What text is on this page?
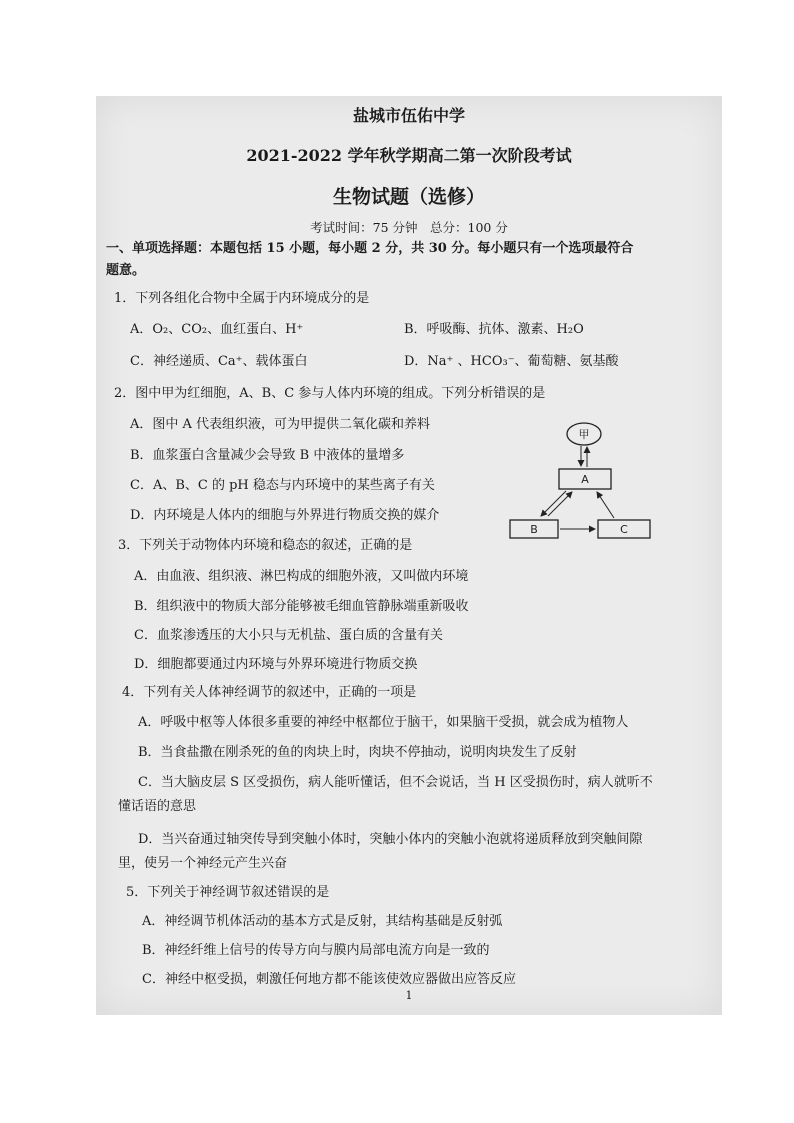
盐城市伍佑中学
2021-2022 学年秋学期高二第一次阶段考试
生物试题（选修）
考试时间：75 分钟　总分：100 分
一、单项选择题：本题包括 15 小题，每小题 2 分，共 30 分。每小题只有一个选项最符合
题意。
1．下列各组化合物中全属于内环境成分的是
A．O₂、CO₂、血红蛋白、H⁺	B．呼吸酶、抗体、激素、H₂O
C．神经递质、Ca⁺、载体蛋白	D．Na⁺ 、HCO₃⁻、葡萄糖、氨基酸
2．图中甲为红细胞，A、B、C 参与人体内环境的组成。下列分析错误的是
A．图中 A 代表组织液，可为甲提供二氧化碳和养料
B．血浆蛋白含量减少会导致 B 中液体的量增多
C．A、B、C 的 pH 稳态与内环境中的某些离子有关
D．内环境是人体内的细胞与外界进行物质交换的媒介
甲
A
B	C
3．下列关于动物体内环境和稳态的叙述，正确的是
A．由血液、组织液、淋巴构成的细胞外液，又叫做内环境
B．组织液中的物质大部分能够被毛细血管静脉端重新吸收
C．血浆渗透压的大小只与无机盐、蛋白质的含量有关
D．细胞都要通过内环境与外界环境进行物质交换
4．下列有关人体神经调节的叙述中，正确的一项是
A．呼吸中枢等人体很多重要的神经中枢都位于脑干，如果脑干受损，就会成为植物人
B．当食盐撒在刚杀死的鱼的肉块上时，肉块不停抽动，说明肉块发生了反射
C．当大脑皮层 S 区受损伤，病人能听懂话，但不会说话，当 H 区受损伤时，病人就听不
懂话语的意思
D．当兴奋通过轴突传导到突触小体时，突触小体内的突触小泡就将递质释放到突触间隙
里，使另一个神经元产生兴奋
5．下列关于神经调节叙述错误的是
A．神经调节机体活动的基本方式是反射，其结构基础是反射弧
B．神经纤维上信号的传导方向与膜内局部电流方向是一致的
C．神经中枢受损，刺激任何地方都不能该使效应器做出应答反应
1
